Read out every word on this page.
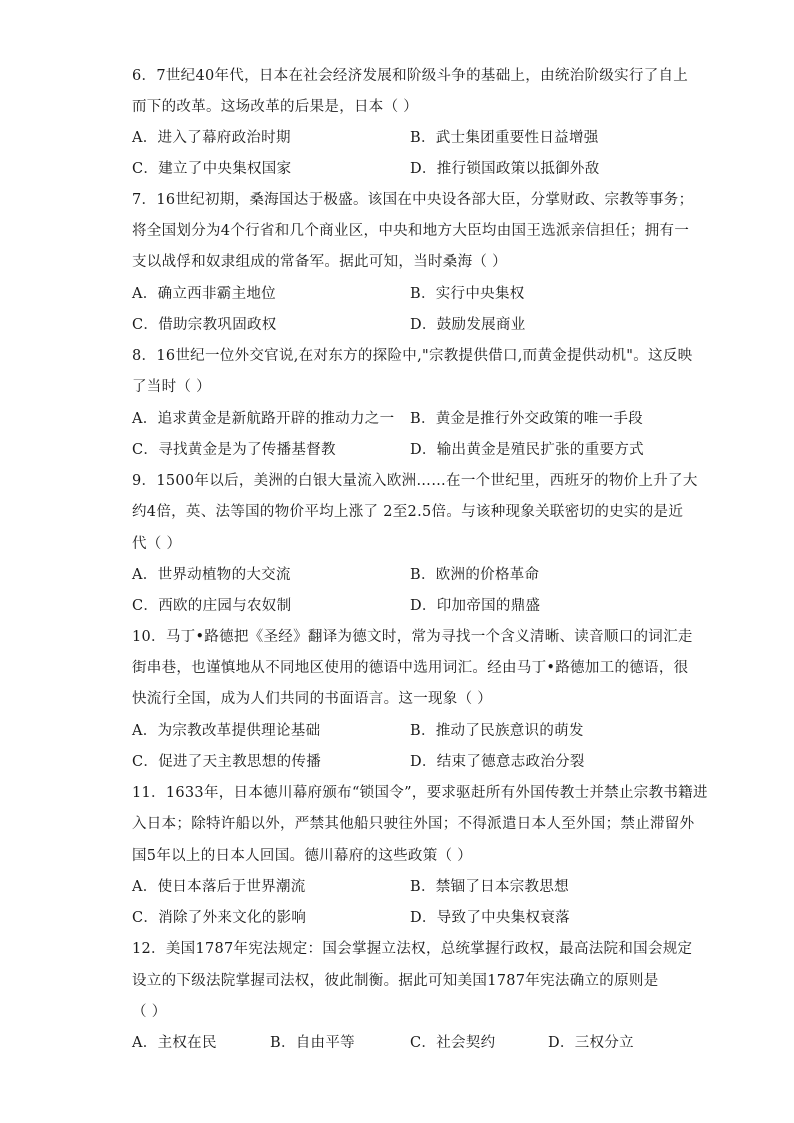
6．7世纪40年代，日本在社会经济发展和阶级斗争的基础上，由统治阶级实行了自上
而下的改革。这场改革的后果是，日本（ ）
A．进入了幕府政治时期	B．武士集团重要性日益增强
C．建立了中央集权国家	D．推行锁国政策以抵御外敌
7．16世纪初期，桑海国达于极盛。该国在中央设各部大臣，分掌财政、宗教等事务；
将全国划分为4个行省和几个商业区，中央和地方大臣均由国王选派亲信担任；拥有一
支以战俘和奴隶组成的常备军。据此可知，当时桑海（ ）
A．确立西非霸主地位	B．实行中央集权
C．借助宗教巩固政权	D．鼓励发展商业
8．16世纪一位外交官说,在对东方的探险中,"宗教提供借口,而黄金提供动机"。这反映
了当时（ ）
A．追求黄金是新航路开辟的推动力之一 B．黄金是推行外交政策的唯一手段
C．寻找黄金是为了传播基督教	D．输出黄金是殖民扩张的重要方式
9．1500年以后，美洲的白银大量流入欧洲……在一个世纪里，西班牙的物价上升了大
约4倍，英、法等国的物价平均上涨了 2至2.5倍。与该种现象关联密切的史实的是近
代（ ）
A．世界动植物的大交流	B．欧洲的价格革命
C．西欧的庄园与农奴制	D．印加帝国的鼎盛
10．马丁•路德把《圣经》翻译为德文时，常为寻找一个含义清晰、读音顺口的词汇走
街串巷，也谨慎地从不同地区使用的德语中选用词汇。经由马丁•路德加工的德语，很
快流行全国，成为人们共同的书面语言。这一现象（ ）
A．为宗教改革提供理论基础	B．推动了民族意识的萌发
C．促进了天主教思想的传播	D．结束了德意志政治分裂
11．1633年，日本德川幕府颁布“锁国令”，要求驱赶所有外国传教士并禁止宗教书籍进
入日本；除特许船以外，严禁其他船只驶往外国；不得派遣日本人至外国；禁止滞留外
国5年以上的日本人回国。德川幕府的这些政策（ ）
A．使日本落后于世界潮流	B．禁锢了日本宗教思想
C．消除了外来文化的影响	D．导致了中央集权衰落
12．美国1787年宪法规定：国会掌握立法权，总统掌握行政权，最高法院和国会规定
设立的下级法院掌握司法权，彼此制衡。据此可知美国1787年宪法确立的原则是
（ ）
A．主权在民	B．自由平等	C．社会契约	D．三权分立
